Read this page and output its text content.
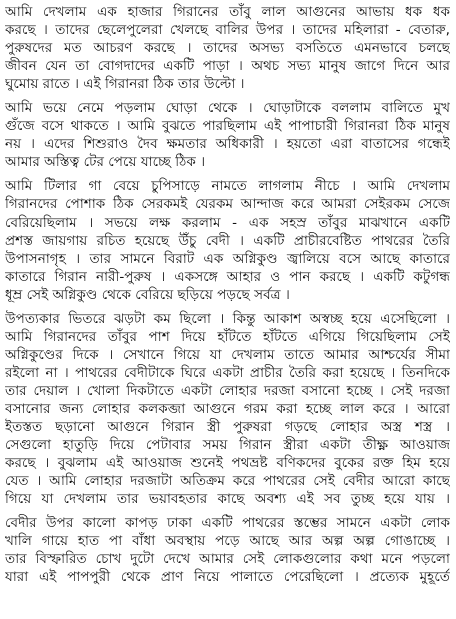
আমি দেখলাম এক হাজার গিরানের তাঁবু লাল আগুনের আভায় ধক ধক
করছে । তাদের ছেলেপুলেরা খেলছে বালির উপর । তাদের মহিলারা - বেতারু,
পুরুষদের মত আচরণ করছে । তাদের অসভ্য বসতিতে এমনভাবে চলছে
জীবন যেন তা বোগদাদের একটি পাড়া । অথচ সভ্য মানুষ জাগে দিনে আর
ঘুমোয় রাতে । এই গিরানরা ঠিক তার উল্টো ।
আমি ভয়ে নেমে পড়লাম ঘোড়া থেকে । ঘোড়াটাকে বললাম বালিতে মুখ
গুঁজে বসে থাকতে । আমি বুঝতে পারছিলাম এই পাপাচারী গিরানরা ঠিক মানুষ
নয় । এদের শিশুরাও দৈব ক্ষমতার অধিকারী । হয়তো এরা বাতাসের গন্ধেই
আমার অস্তিত্ব টের পেয়ে যাচ্ছে ঠিক ।
আমি টিলার গা বেয়ে চুপিসাড়ে নামতে লাগলাম নীচে । আমি দেখলাম
গিরানদের পোশাক ঠিক সেরকমই যেরকম আন্দাজ করে আমরা সেইরকম সেজে
বেরিয়েছিলাম । সভয়ে লক্ষ করলাম - এক সহস্র তাঁবুর মাঝখানে একটি
প্রশস্ত জায়গায় রচিত হয়েছে উঁচু বেদী । একটি প্রাচীরবেষ্টিত পাথরের তৈরি
উপাসনাগৃহ । তার সামনে বিরাট এক অগ্নিকুণ্ড জ্বালিয়ে বসে আছে কাতারে
কাতারে গিরান নারী-পুরুষ । একসঙ্গে আহার ও পান করছে । একটি কটুগন্ধ
ধূম্র সেই অগ্নিকুণ্ড থেকে বেরিয়ে ছড়িয়ে পড়ছে সর্বত্র ।
উপত্যকার ভিতরে ঝড়টা কম ছিলো । কিন্তু আকাশ অস্বচ্ছ হয়ে এসেছিলো ।
আমি গিরানদের তাঁবুর পাশ দিয়ে হাঁটতে হাঁটতে এগিয়ে গিয়েছিলাম সেই
অগ্নিকুণ্ডের দিকে । সেখানে গিয়ে যা দেখলাম তাতে আমার আশ্চর্যের সীমা
রইলো না । পাথরের বেদীটাকে ঘিরে একটা প্রাচীর তৈরি করা হয়েছে । তিনদিকে
তার দেয়াল । খোলা দিকটাতে একটা লোহার দরজা বসানো হচ্ছে । সেই দরজা
বসানোর জন্য লোহার কলকব্জা আগুনে গরম করা হচ্ছে লাল করে । আরো
ইতস্তত ছড়ানো আগুনে গিরান স্ত্রী পুরুষরা গড়ছে লোহার অস্ত্র শস্ত্র ।
সেগুলো হাতুড়ি দিয়ে পেটাবার সময় গিরান স্ত্রীরা একটা তীক্ষ্ণ আওয়াজ
করছে । বুঝলাম এই আওয়াজ শুনেই পথভ্রষ্ট বণিকদের বুকের রক্ত হিম হয়ে
যেত । আমি লোহার দরজাটা অতিক্রম করে পাথরের সেই বেদীর আরো কাছে
গিয়ে যা দেখলাম তার ভয়াবহতার কাছে অবশ্য এই সব তুচ্ছ হয়ে যায় ।
বেদীর উপর কালো কাপড় ঢাকা একটি পাথরের স্তম্ভের সামনে একটা লোক
খালি গায়ে হাত পা বাঁধা অবস্থায় পড়ে আছে আর অল্প অল্প গোঙাচ্ছে ।
তার বিস্ফারিত চোখ দুটো দেখে আমার সেই লোকগুলোর কথা মনে পড়লো
যারা এই পাপপুরী থেকে প্রাণ নিয়ে পালাতে পেরেছিলো । প্রত্যেক মুহূর্তে
